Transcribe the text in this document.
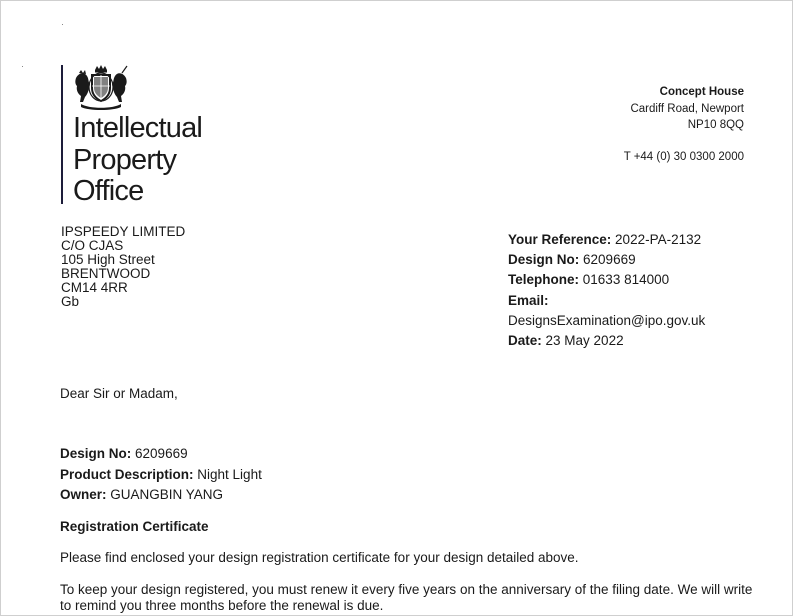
Intellectual
Property
Office
Concept House
Cardiff Road, Newport
NP10 8QQ
T +44 (0) 30 0300 2000
IPSPEEDY LIMITED
C/O CJAS
105 High Street
BRENTWOOD
CM14 4RR
Gb
Your Reference: 2022-PA-2132
Design No: 6209669
Telephone: 01633 814000
Email:
DesignsExamination@ipo.gov.uk
Date: 23 May 2022
Dear Sir or Madam,
Design No: 6209669
Product Description: Night Light
Owner: GUANGBIN YANG
Registration Certificate
Please find enclosed your design registration certificate for your design detailed above.
To keep your design registered, you must renew it every five years on the anniversary of the filing date. We will write to remind you three months before the renewal is due.
